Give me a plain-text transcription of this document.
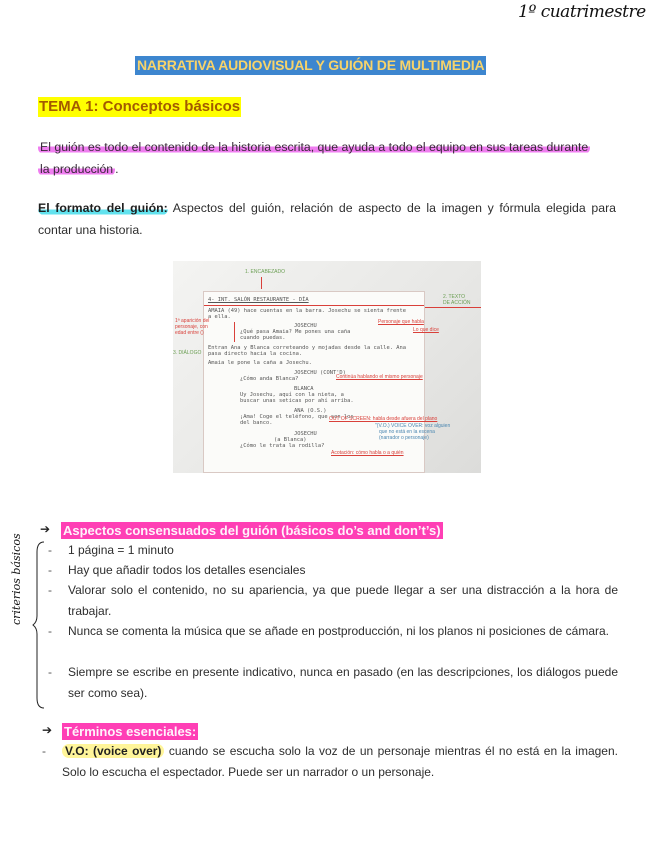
1º cuatrimestre
NARRATIVA AUDIOVISUAL Y GUIÓN DE MULTIMEDIA
TEMA 1: Conceptos básicos
El guión es todo el contenido de la historia escrita, que ayuda a todo el equipo en sus tareas durante
la producción .
El formato del guión: Aspectos del guión, relación de aspecto de la imagen y fórmula elegida para contar una historia.
1. ENCABEZADO
2. TEXTO
DE ACCIÓN
4- INT. SALÓN RESTAURANTE - DÍA
AMAIA (49) hace cuentas en la barra. Josechu se sienta frente
a ella.
JOSECHU
¿Qué pasa Amaia? Me pones una caña
cuando puedas.
Entran Ana y Blanca correteando y mojadas desde la calle. Ana
pasa directo hacia la cocina.
Amaia le pone la caña a Josechu.
JOSECHU (CONT'D)
¿Cómo anda Blanca?
BLANCA
Uy Josechu, aquí con la nieta, a
buscar unas seticas por ahí arriba.
ANA (O.S.)
¡Ama! Coge el teléfono, que son los
del banco.
JOSECHU
(a Blanca)
¿Cómo le trata la rodilla?
1ª aparición del
personaje, con
edad entre ()
3. DIÁLOGO
Personaje que habla
Lo que dice
Continúa hablando el mismo personaje
OUT OF SCREEN: habla desde afuera del plano
"(V.O.) VOICE OVER: voz alguien
que no está en la escena
(narrador o personaje)
Acotación: cómo habla o a quién
➔ Aspectos consensuados del guión (básicos do’s and don’t’s)
criterios básicos - 1 página = 1 minuto
- Hay que añadir todos los detalles esenciales
- Valorar solo el contenido, no su apariencia, ya que puede llegar a ser una distracción a la hora de trabajar.
- Nunca se comenta la música que se añade en postproducción, ni los planos ni posiciones de cámara.
- Siempre se escribe en presente indicativo, nunca en pasado (en las descripciones, los diálogos puede ser como sea).
➔ Términos esenciales:
- V.O: (voice over) cuando se escucha solo la voz de un personaje mientras él no está en la imagen. Solo lo escucha el espectador. Puede ser un narrador o un personaje.
